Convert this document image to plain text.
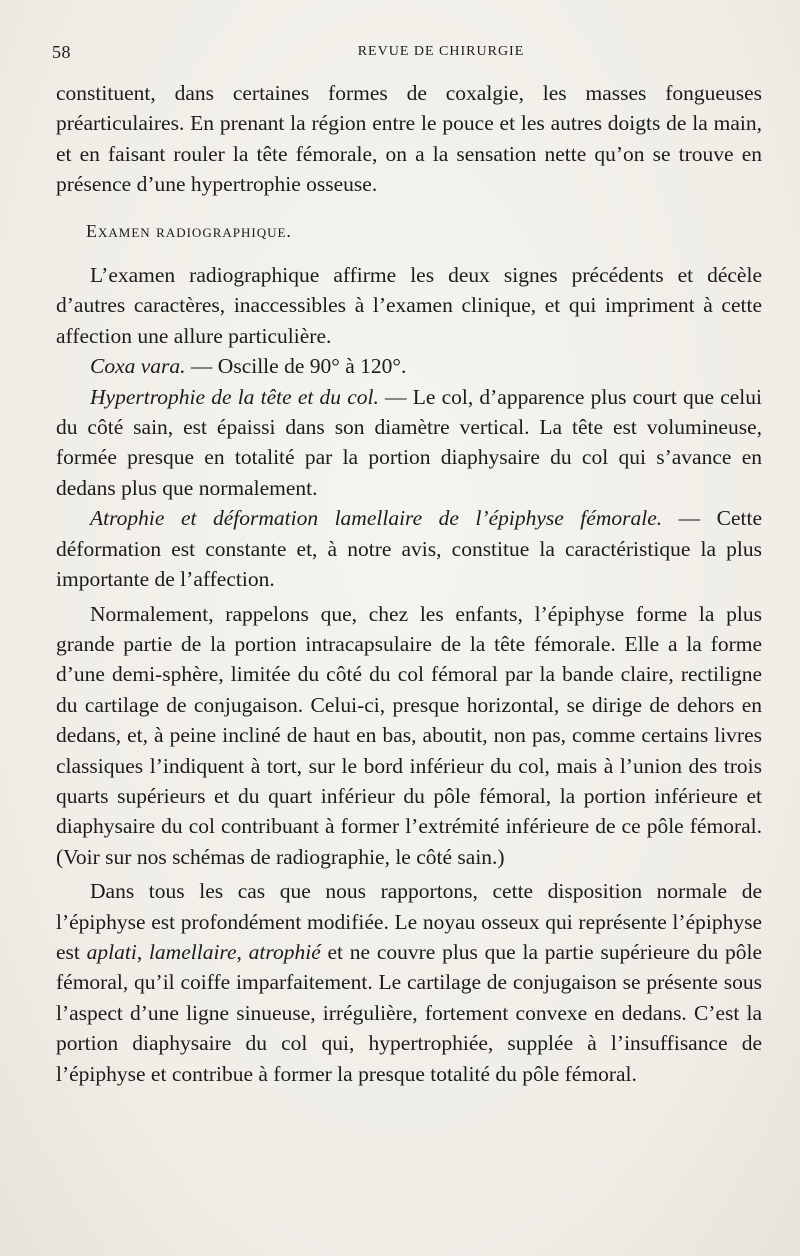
58	REVUE DE CHIRURGIE

constituent, dans certaines formes de coxalgie, les masses fongueuses préarticulaires. En prenant la région entre le pouce et les autres doigts de la main, et en faisant rouler la tête fémorale, on a la sensation nette qu’on se trouve en présence d’une hypertrophie osseuse.

Examen radiographique.

L’examen radiographique affirme les deux signes précédents et décèle d’autres caractères, inaccessibles à l’examen clinique, et qui impriment à cette affection une allure particulière.

Coxa vara. — Oscille de 90° à 120°.

Hypertrophie de la tête et du col. — Le col, d’apparence plus court que celui du côté sain, est épaissi dans son diamètre vertical. La tête est volumineuse, formée presque en totalité par la portion diaphysaire du col qui s’avance en dedans plus que normalement.

Atrophie et déformation lamellaire de l’épiphyse fémorale. — Cette déformation est constante et, à notre avis, constitue la caractéristique la plus importante de l’affection.

Normalement, rappelons que, chez les enfants, l’épiphyse forme la plus grande partie de la portion intracapsulaire de la tête fémorale. Elle a la forme d’une demi-sphère, limitée du côté du col fémoral par la bande claire, rectiligne du cartilage de conjugaison. Celui-ci, presque horizontal, se dirige de dehors en dedans, et, à peine incliné de haut en bas, aboutit, non pas, comme certains livres classiques l’indiquent à tort, sur le bord inférieur du col, mais à l’union des trois quarts supérieurs et du quart inférieur du pôle fémoral, la portion inférieure et diaphysaire du col contribuant à former l’extrémité inférieure de ce pôle fémoral. (Voir sur nos schémas de radiographie, le côté sain.)

Dans tous les cas que nous rapportons, cette disposition normale de l’épiphyse est profondément modifiée. Le noyau osseux qui représente l’épiphyse est aplati, lamellaire, atrophié et ne couvre plus que la partie supérieure du pôle fémoral, qu’il coiffe imparfaitement. Le cartilage de conjugaison se présente sous l’aspect d’une ligne sinueuse, irrégulière, fortement convexe en dedans. C’est la portion diaphysaire du col qui, hypertrophiée, supplée à l’insuffisance de l’épiphyse et contribue à former la presque totalité du pôle fémoral.
